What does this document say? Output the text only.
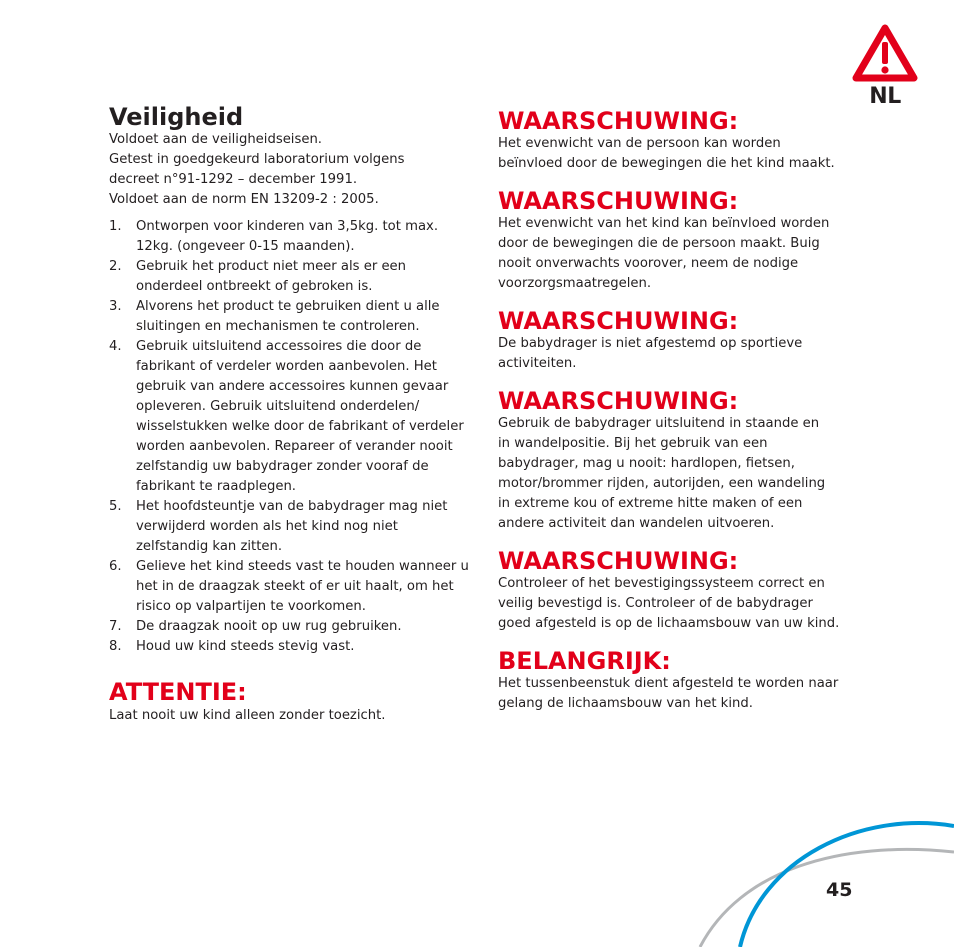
NL
Veiligheid

Voldoet aan de veiligheidseisen.
Getest in goedgekeurd laboratorium volgens
decreet n°91-1292 – december 1991.
Voldoet aan de norm EN 13209-2 : 2005.

1. Ontworpen voor kinderen van 3,5kg. tot max. 12kg. (ongeveer 0-15 maanden).
2. Gebruik het product niet meer als er een onderdeel ontbreekt of gebroken is.
3. Alvorens het product te gebruiken dient u alle sluitingen en mechanismen te controleren.
4. Gebruik uitsluitend accessoires die door de fabrikant of verdeler worden aanbevolen. Het gebruik van andere accessoires kunnen gevaar opleveren. Gebruik uitsluitend onderdelen/ wisselstukken welke door de fabrikant of verdeler worden aanbevolen. Repareer of verander nooit zelfstandig uw babydrager zonder vooraf de fabrikant te raadplegen.
5. Het hoofdsteuntje van de babydrager mag niet verwijderd worden als het kind nog niet zelfstandig kan zitten.
6. Gelieve het kind steeds vast te houden wanneer u het in de draagzak steekt of er uit haalt, om het risico op valpartijen te voorkomen.
7. De draagzak nooit op uw rug gebruiken.
8. Houd uw kind steeds stevig vast.
ATTENTIE:

Laat nooit uw kind alleen zonder toezicht.

WAARSCHUWING:

Het evenwicht van de persoon kan worden
beïnvloed door de bewegingen die het kind maakt.

WAARSCHUWING:

Het evenwicht van het kind kan beïnvloed worden
door de bewegingen die de persoon maakt. Buig
nooit onverwachts voorover, neem de nodige
voorzorgsmaatregelen.

WAARSCHUWING:

De babydrager is niet afgestemd op sportieve
activiteiten.

WAARSCHUWING:

Gebruik de babydrager uitsluitend in staande en
in wandelpositie. Bij het gebruik van een
babydrager, mag u nooit: hardlopen, fietsen,
motor/brommer rijden, autorijden, een wandeling
in extreme kou of extreme hitte maken of een
andere activiteit dan wandelen uitvoeren.

WAARSCHUWING:

Controleer of het bevestigingssysteem correct en
veilig bevestigd is. Controleer of de babydrager
goed afgesteld is op de lichaamsbouw van uw kind.

BELANGRIJK:

Het tussenbeenstuk dient afgesteld te worden naar
gelang de lichaamsbouw van het kind.

45
